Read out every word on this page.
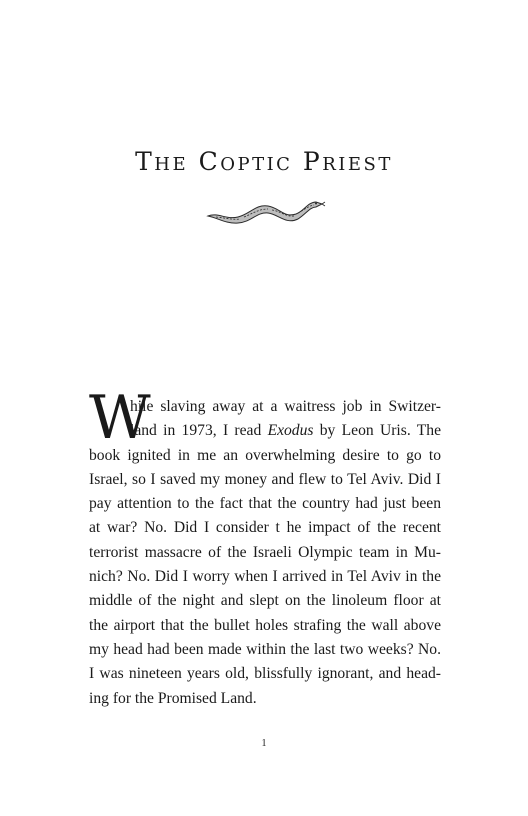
The Coptic Priest
W
hile slaving away at a waitress job in Switzer-
land in 1973, I read Exodus by Leon Uris. The
book ignited in me an overwhelming desire to go to
Israel, so I saved my money and flew to Tel Aviv. Did I
pay attention to the fact that the country had just been
at war? No. Did I consider t he impact of the recent
terrorist massacre of the Israeli Olympic team in Mu-
nich? No. Did I worry when I arrived in Tel Aviv in the
middle of the night and slept on the linoleum floor at
the airport that the bullet holes strafing the wall above
my head had been made within the last two weeks? No.
I was nineteen years old, blissfully ignorant, and head-
ing for the Promised Land.
1
